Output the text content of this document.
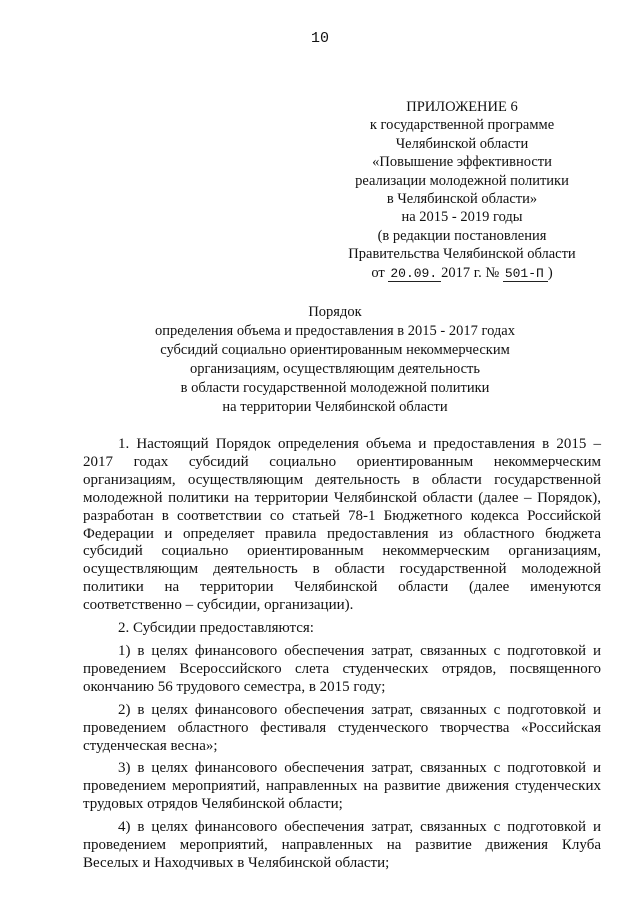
10
ПРИЛОЖЕНИЕ 6
к государственной программе
Челябинской области
«Повышение эффективности
реализации молодежной политики
в Челябинской области»
на 2015 - 2019 годы
(в редакции постановления
Правительства Челябинской области
от 20.09. 2017 г. № 501-П )
Порядок
определения объема и предоставления в 2015 - 2017 годах
субсидий социально ориентированным некоммерческим
организациям, осуществляющим деятельность
в области государственной молодежной политики
на территории Челябинской области
1. Настоящий Порядок определения объема и предоставления в 2015 –
2017 годах субсидий социально ориентированным некоммерческим
организациям, осуществляющим деятельность в области государственной
молодежной политики на территории Челябинской области (далее – Порядок),
разработан в соответствии со статьей 78-1 Бюджетного кодекса Российской
Федерации и определяет правила предоставления из областного бюджета
субсидий социально ориентированным некоммерческим организациям,
осуществляющим деятельность в области государственной молодежной
политики на территории Челябинской области (далее именуются
соответственно – субсидии, организации).
2. Субсидии предоставляются:
1) в целях финансового обеспечения затрат, связанных с подготовкой и
проведением Всероссийского слета студенческих отрядов, посвященного
окончанию 56 трудового семестра, в 2015 году;
2) в целях финансового обеспечения затрат, связанных с подготовкой и
проведением областного фестиваля студенческого творчества «Российская
студенческая весна»;
3) в целях финансового обеспечения затрат, связанных с подготовкой и
проведением мероприятий, направленных на развитие движения студенческих
трудовых отрядов Челябинской области;
4) в целях финансового обеспечения затрат, связанных с подготовкой и
проведением мероприятий, направленных на развитие движения Клуба
Веселых и Находчивых в Челябинской области;
